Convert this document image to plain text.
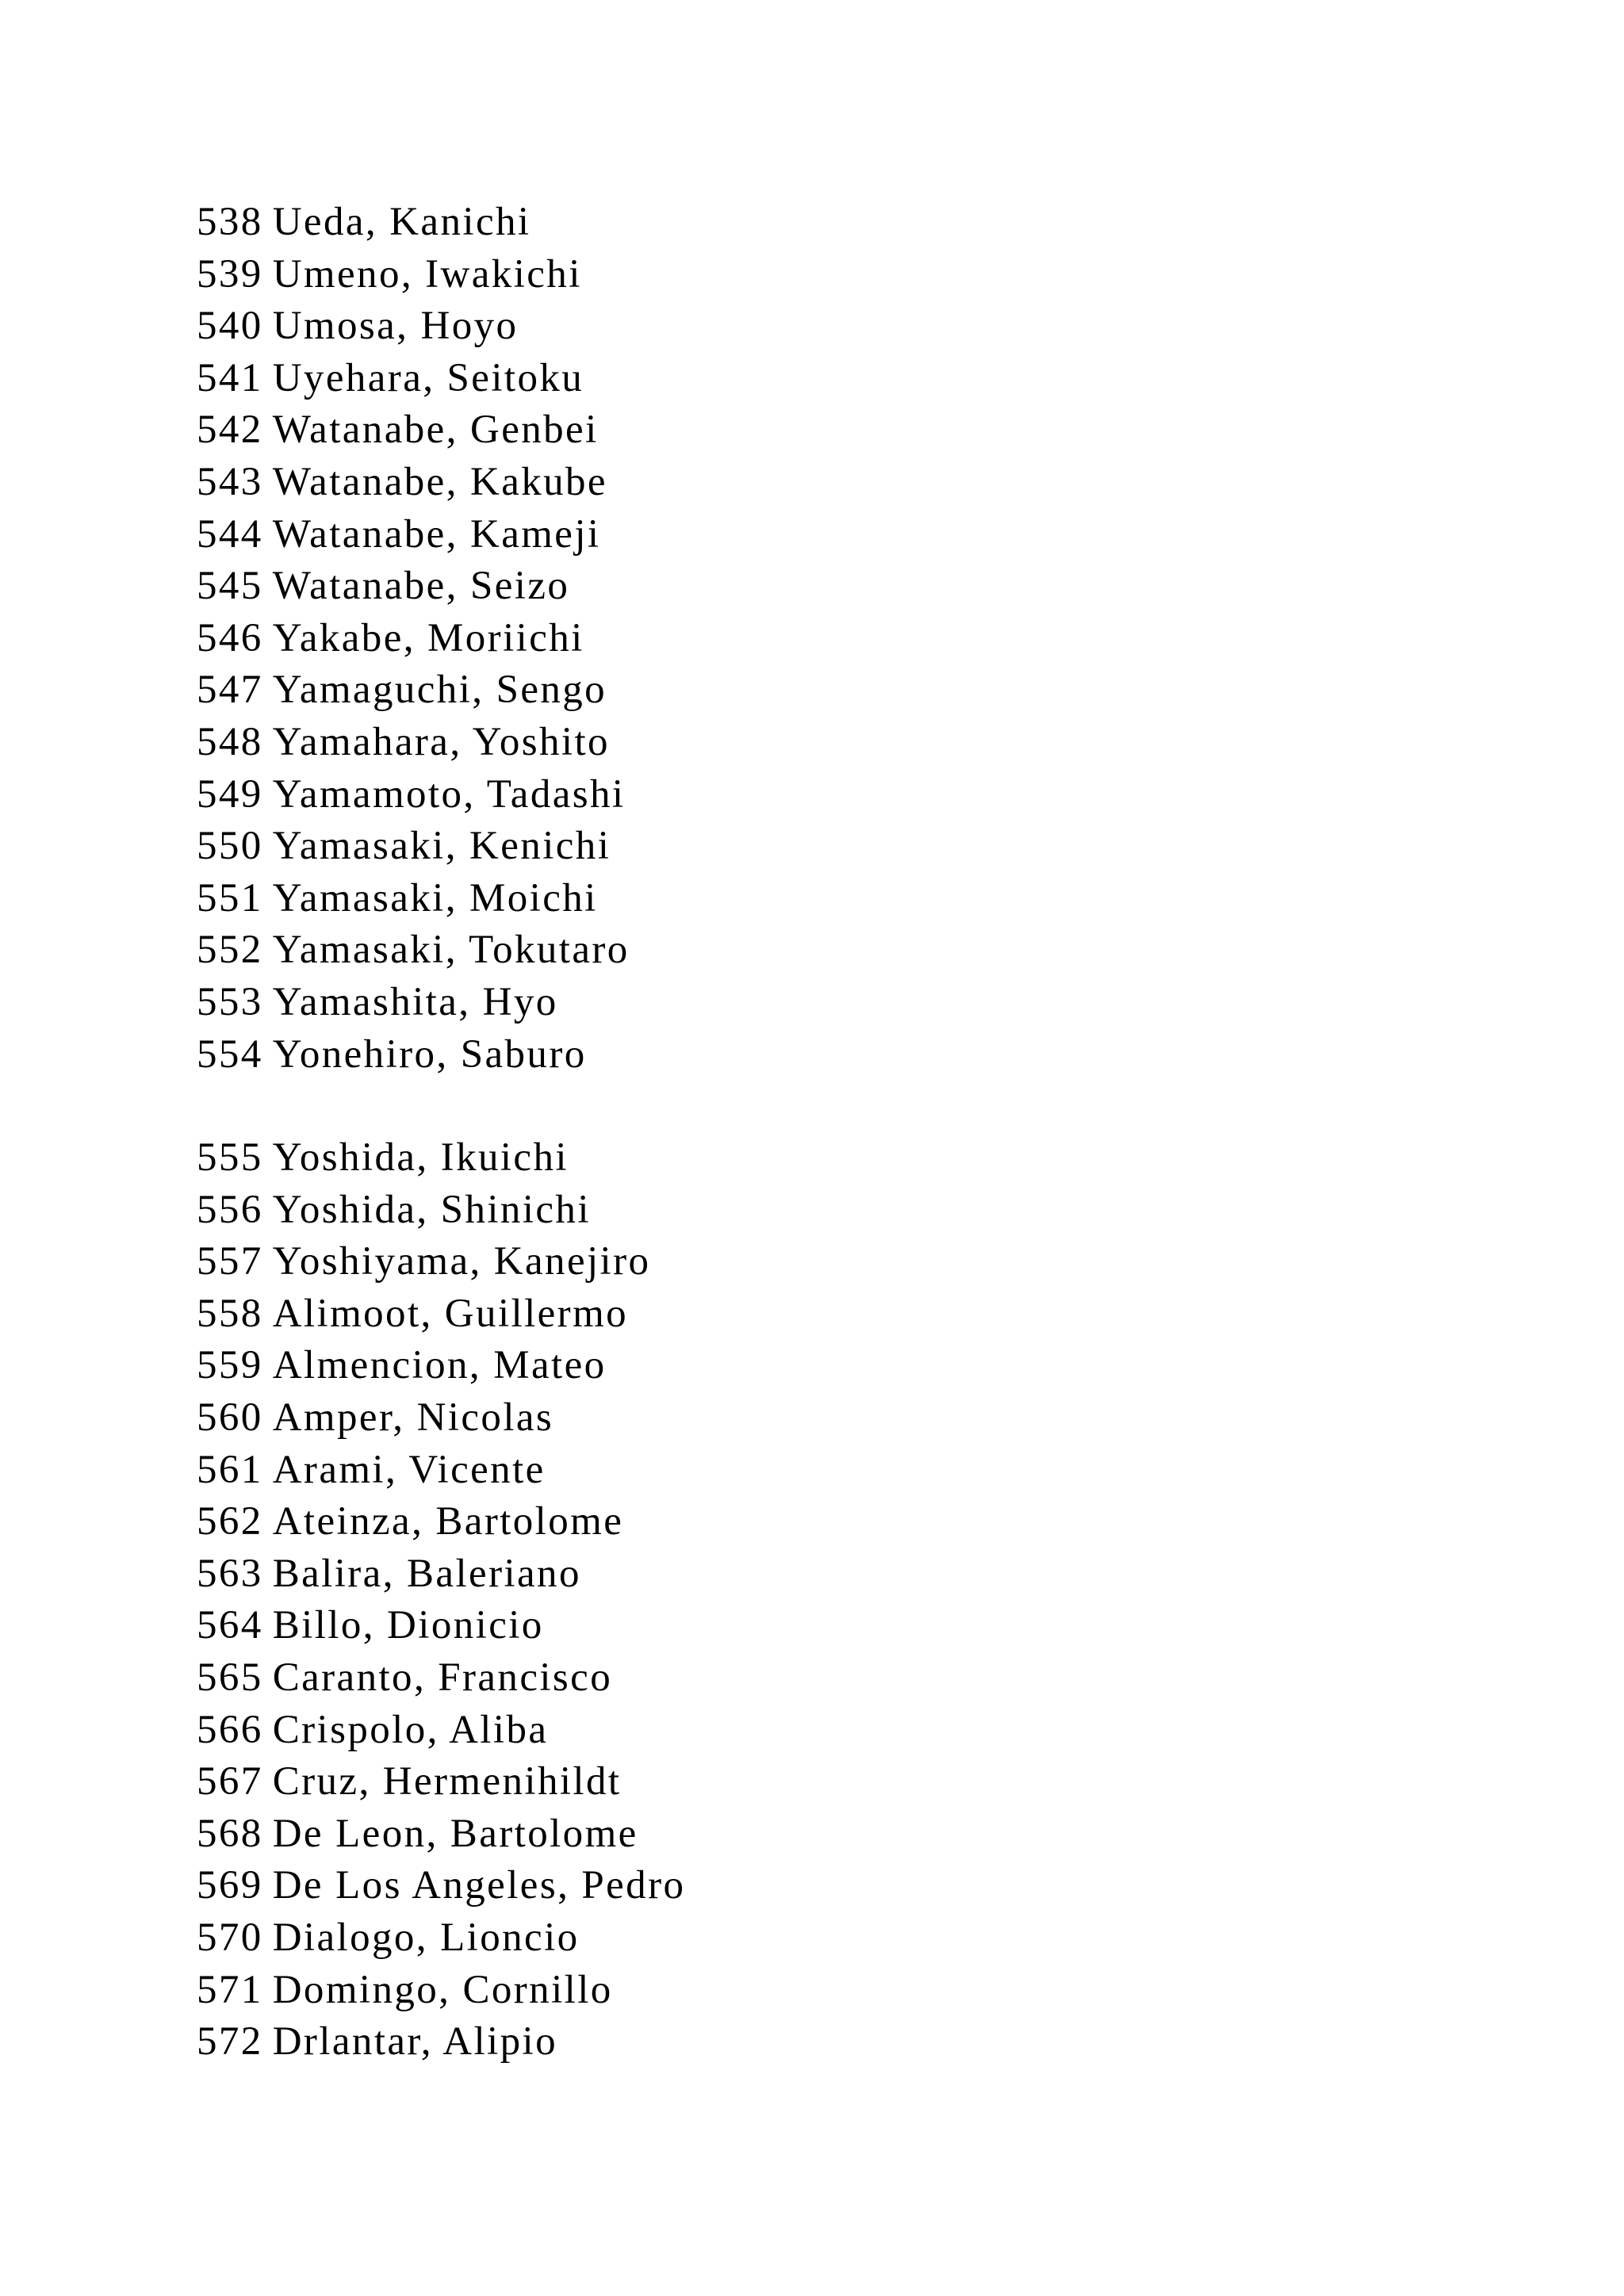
538 Ueda, Kanichi
539 Umeno, Iwakichi
540 Umosa, Hoyo
541 Uyehara, Seitoku
542 Watanabe, Genbei
543 Watanabe, Kakube
544 Watanabe, Kameji
545 Watanabe, Seizo
546 Yakabe, Moriichi
547 Yamaguchi, Sengo
548 Yamahara, Yoshito
549 Yamamoto, Tadashi
550 Yamasaki, Kenichi
551 Yamasaki, Moichi
552 Yamasaki, Tokutaro
553 Yamashita, Hyo
554 Yonehiro, Saburo
555 Yoshida, Ikuichi
556 Yoshida, Shinichi
557 Yoshiyama, Kanejiro
558 Alimoot, Guillermo
559 Almencion, Mateo
560 Amper, Nicolas
561 Arami, Vicente
562 Ateinza, Bartolome
563 Balira, Baleriano
564 Billo, Dionicio
565 Caranto, Francisco
566 Crispolo, Aliba
567 Cruz, Hermenihildt
568 De Leon, Bartolome
569 De Los Angeles, Pedro
570 Dialogo, Lioncio
571 Domingo, Cornillo
572 Drlantar, Alipio
